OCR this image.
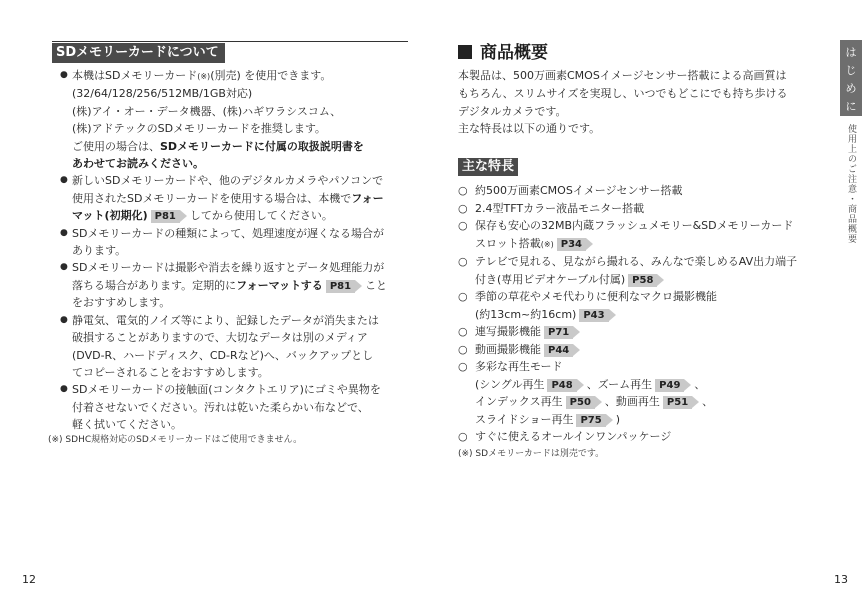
SDメモリーカードについて
● 本機はSDメモリーカード(※)(別売) を使用できます。
(32/64/128/256/512MB/1GB対応)
(株)アイ・オー・データ機器、(株)ハギワラシスコム、
(株)アドテックのSDメモリーカードを推奨します。
ご使用の場合は、SDメモリーカードに付属の取扱説明書を
あわせてお読みください。
● 新しいSDメモリーカードや、他のデジタルカメラやパソコンで
使用されたSDメモリーカードを使用する場合は、本機でフォー
マット(初期化) P81 してから使用してください。
● SDメモリーカードの種類によって、処理速度が遅くなる場合が
あります。
● SDメモリーカードは撮影や消去を繰り返すとデータ処理能力が
落ちる場合があります。定期的にフォーマットする P81 こと
をおすすめします。
● 静電気、電気的ノイズ等により、記録したデータが消失または
破損することがありますので、大切なデータは別のメディア
(DVD-R、ハードディスク、CD-Rなど)へ、バックアップとし
てコピーされることをおすすめします。
● SDメモリーカードの接触面(コンタクトエリア)にゴミや異物を
付着させないでください。汚れは乾いた柔らかい布などで、
軽く拭いてください。
(※) SDHC規格対応のSDメモリーカードはご使用できません。
12
商品概要
本製品は、500万画素CMOSイメージセンサー搭載による高画質は
もちろん、スリムサイズを実現し、いつでもどこにでも持ち歩ける
デジタルカメラです。
主な特長は以下の通りです。
主な特長
○ 約500万画素CMOSイメージセンサー搭載
○ 2.4型TFTカラー液晶モニター搭載
○ 保存も安心の32MB内蔵フラッシュメモリー&SDメモリーカード
スロット搭載(※) P34
○ テレビで見れる、見ながら撮れる、みんなで楽しめるAV出力端子
付き(専用ビデオケーブル付属) P58
○ 季節の草花やメモ代わりに便利なマクロ撮影機能
(約13cm~約16cm) P43
○ 連写撮影機能 P71
○ 動画撮影機能 P44
○ 多彩な再生モード
(シングル再生 P48 、ズーム再生 P49 、
インデックス再生 P50 、動画再生 P51 、
スライドショー再生 P75 )
○ すぐに使えるオールインワンパッケージ
(※) SDメモリーカードは別売です。
は
じ
め
に
使用上のご注意・商品概要
13
